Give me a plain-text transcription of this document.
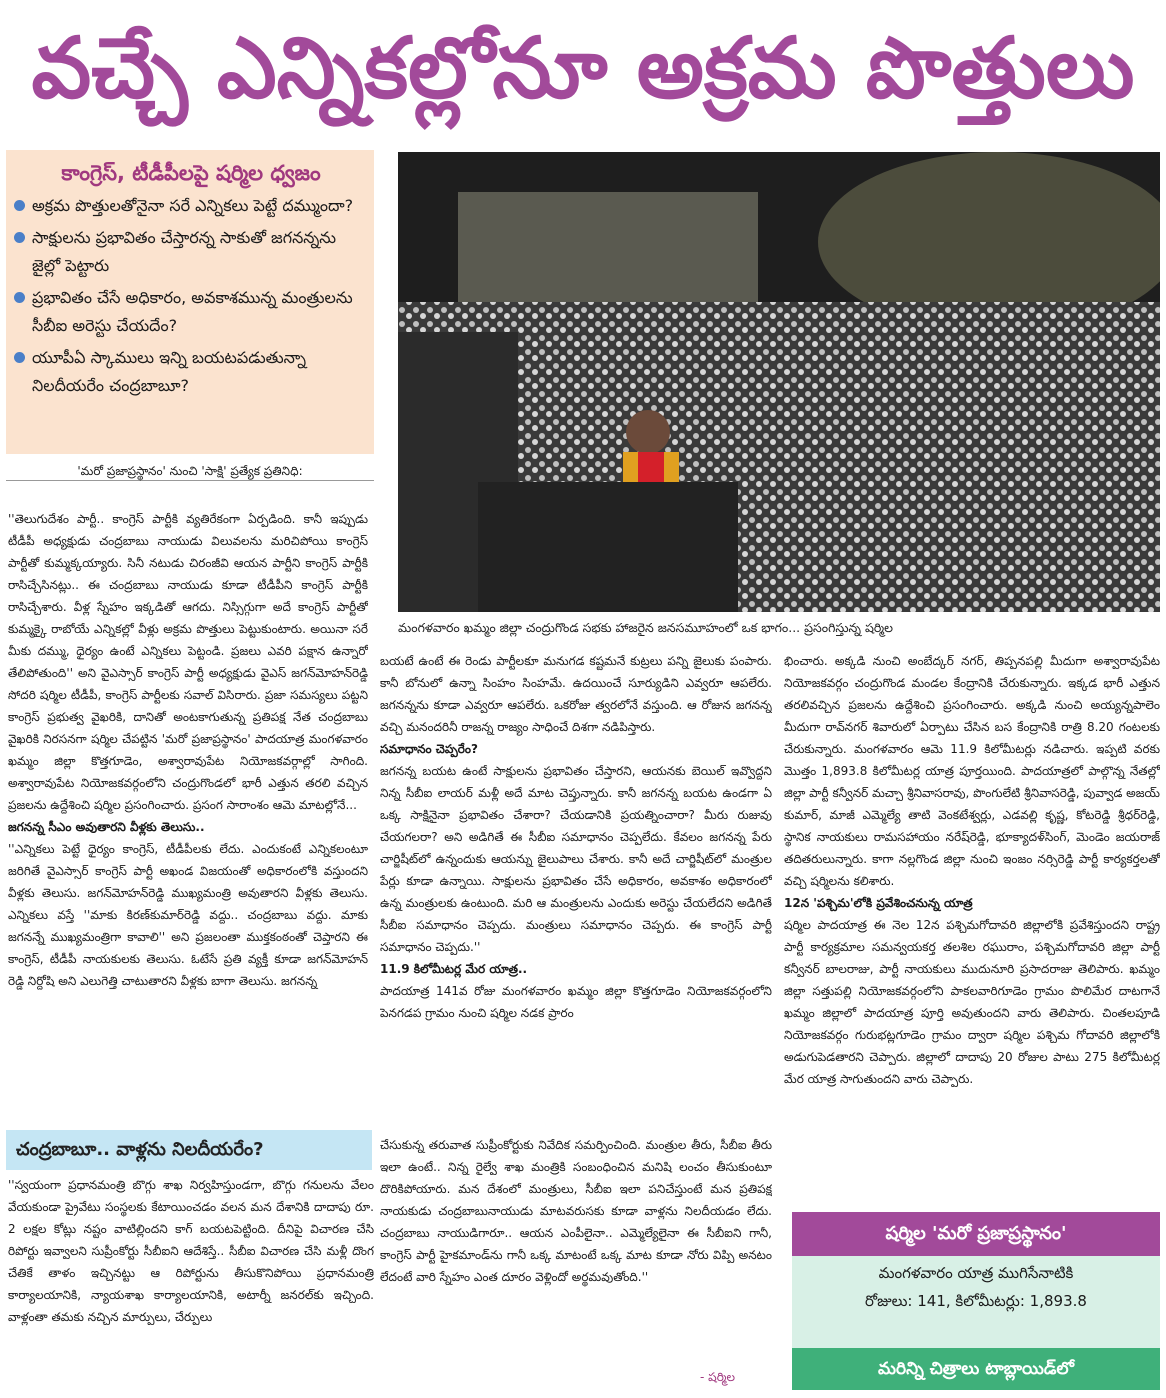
వచ్చే ఎన్నికల్లోనూ అక్రమ పొత్తులు
కాంగ్రెస్, టీడీపీలపై షర్మిల ధ్వజం
అక్రమ పొత్తులతోనైనా సరే ఎన్నికలు పెట్టే దమ్ముందా?
సాక్షులను ప్రభావితం చేస్తారన్న సాకుతో జగనన్నను జైల్లో పెట్టారు
ప్రభావితం చేసే అధికారం, అవకాశమున్న మంత్రులను సీబీఐ అరెస్టు చేయదేం?
యూపీఏ స్కాములు ఇన్ని బయటపడుతున్నా నిలదీయరేం చంద్రబాబూ?
'మరో ప్రజాప్రస్థానం' నుంచి 'సాక్షి' ప్రత్యేక ప్రతినిధి:
మంగళవారం ఖమ్మం జిల్లా చంద్రుగొండ సభకు హాజరైన జనసమూహంలో ఒక భాగం... ప్రసంగిస్తున్న షర్మిల

''తెలుగుదేశం పార్టీ.. కాంగ్రెస్ పార్టీకి వ్యతిరేకంగా ఏర్పడింది. కానీ ఇప్పుడు టీడీపీ అధ్యక్షుడు చంద్రబాబు నాయుడు విలువలను మరిచిపోయి కాంగ్రెస్ పార్టీతో కుమ్మక్కయ్యారు. సినీ నటుడు చిరంజీవి ఆయన పార్టీని కాంగ్రెస్ పార్టీకి రాసిచ్చేసినట్లు.. ఈ చంద్రబాబు నాయుడు కూడా టీడీపీని కాంగ్రెస్ పార్టీకి రాసిచ్చేశారు. వీళ్ల స్నేహం ఇక్కడితో ఆగదు. నిస్సిగ్గుగా అదే కాంగ్రెస్ పార్టీతో కుమ్మక్కై రాబోయే ఎన్నికల్లో వీళ్లు అక్రమ పొత్తులు పెట్టుకుంటారు. అయినా సరే మీకు దమ్ము, ధైర్యం ఉంటే ఎన్నికలు పెట్టండి. ప్రజలు ఎవరి పక్షాన ఉన్నారో తేలిపోతుంది'' అని వైఎస్సార్ కాంగ్రెస్ పార్టీ అధ్యక్షుడు వైఎస్ జగన్‌మోహన్‌రెడ్డి సోదరి షర్మిల టీడీపీ, కాంగ్రెస్ పార్టీలకు సవాల్ విసిరారు. ప్రజా సమస్యలు పట్టని కాంగ్రెస్ ప్రభుత్వ వైఖరికి, దానితో అంటకాగుతున్న ప్రతిపక్ష నేత చంద్రబాబు వైఖరికి నిరసనగా షర్మిల చేపట్టిన 'మరో ప్రజాప్రస్థానం' పాదయాత్ర మంగళవారం ఖమ్మం జిల్లా కొత్తగూడెం, అశ్వారావుపేట నియోజకవర్గాల్లో సాగింది. అశ్వారావుపేట నియోజకవర్గంలోని చంద్రుగొండలో భారీ ఎత్తున తరలి వచ్చిన ప్రజలను ఉద్దేశించి షర్మిల ప్రసంగించారు. ప్రసంగ సారాంశం ఆమె మాటల్లోనే...

జగనన్న సీఎం అవుతారని వీళ్లకు తెలుసు..

''ఎన్నికలు పెట్టే ధైర్యం కాంగ్రెస్, టీడీపీలకు లేదు. ఎందుకంటే ఎన్నికలంటూ జరిగితే వైఎస్సార్ కాంగ్రెస్ పార్టీ అఖండ విజయంతో అధికారంలోకి వస్తుందని వీళ్లకు తెలుసు. జగన్‌మోహన్‌రెడ్డి ముఖ్యమంత్రి అవుతారని వీళ్లకు తెలుసు. ఎన్నికలు వస్తే ''మాకు కిరణ్‌కుమార్‌రెడ్డి వద్దు.. చంద్రబాబు వద్దు. మాకు జగనన్నే ముఖ్యమంత్రిగా కావాలి'' అని ప్రజలంతా ముక్తకంఠంతో చెప్తారని ఈ కాంగ్రెస్, టీడీపీ నాయకులకు తెలుసు. ఓటేసే ప్రతి వ్యక్తీ కూడా జగన్‌మోహన్ రెడ్డి నిర్దోషి అని ఎలుగెత్తి చాటుతారని వీళ్లకు బాగా తెలుసు. జగనన్న

బయటే ఉంటే ఈ రెండు పార్టీలకూ మనుగడ కష్టమనే కుట్రలు పన్ని జైలుకు పంపారు. కానీ బోనులో ఉన్నా సింహం సింహమే. ఉదయించే సూర్యుడిని ఎవ్వరూ ఆపలేరు. జగనన్నను కూడా ఎవ్వరూ ఆపలేరు. ఒకరోజు త్వరలోనే వస్తుంది. ఆ రోజున జగనన్న వచ్చి మనందరినీ రాజన్న రాజ్యం సాధించే దిశగా నడిపిస్తారు.

సమాధానం చెప్పరేం?

జగనన్న బయట ఉంటే సాక్షులను ప్రభావితం చేస్తారని, ఆయనకు బెయిల్ ఇవ్వొద్దని నిన్న సీబీఐ లాయర్ మళ్లీ అదే మాట చెప్తున్నారు. కానీ జగనన్న బయట ఉండగా ఏ ఒక్క సాక్షినైనా ప్రభావితం చేశారా? చేయడానికి ప్రయత్నించారా? మీరు రుజువు చేయగలరా? అని అడిగితే ఈ సీబీఐ సమాధానం చెప్పలేదు. కేవలం జగనన్న పేరు చార్జిషీట్‌లో ఉన్నందుకు ఆయన్ను జైలుపాలు చేశారు. కానీ అదే చార్జిషీట్‌లో మంత్రుల పేర్లు కూడా ఉన్నాయి. సాక్షులను ప్రభావితం చేసే అధికారం, అవకాశం అధికారంలో ఉన్న మంత్రులకు ఉంటుంది. మరి ఆ మంత్రులను ఎందుకు అరెస్టు చేయలేదని అడిగితే సీబీఐ సమాధానం చెప్పదు. మంత్రులు సమాధానం చెప్పరు. ఈ కాంగ్రెస్ పార్టీ సమాధానం చెప్పదు.''

11.9 కిలోమీటర్ల మేర యాత్ర..

పాదయాత్ర 141వ రోజు మంగళవారం ఖమ్మం జిల్లా కొత్తగూడెం నియోజకవర్గంలోని పెనగడప గ్రామం నుంచి షర్మిల నడక ప్రారం

భించారు. అక్కడి నుంచి అంబేద్కర్ నగర్, తిప్పనపల్లి మీదుగా అశ్వారావుపేట నియోజకవర్గం చంద్రుగొండ మండల కేంద్రానికి చేరుకున్నారు. ఇక్కడ భారీ ఎత్తున తరలివచ్చిన ప్రజలను ఉద్దేశించి ప్రసంగించారు. అక్కడి నుంచి అయ్యన్నపాలెం మీదుగా రావ్‌నగర్ శివారులో ఏర్పాటు చేసిన బస కేంద్రానికి రాత్రి 8.20 గంటలకు చేరుకున్నారు. మంగళవారం ఆమె 11.9 కిలోమీటర్లు నడిచారు. ఇప్పటి వరకు మొత్తం 1,893.8 కిలోమీటర్ల యాత్ర పూర్తయింది. పాదయాత్రలో పాల్గొన్న నేతల్లో జిల్లా పార్టీ కన్వీనర్ మచ్చా శ్రీనివాసరావు, పొంగులేటి శ్రీనివాసరెడ్డి, పువ్వాడ అజయ్ కుమార్, మాజీ ఎమ్మెల్యే తాటి వెంకటేశ్వర్లు, ఎడవల్లి కృష్ణ, కోటరెడ్డి శ్రీధర్‌రెడ్డి, స్థానిక నాయకులు రామసహాయం నరేష్‌రెడ్డి, భూక్యాదళ్‌సింగ్, మెండెం జయరాజ్ తదితరులున్నారు. కాగా నల్లగొండ జిల్లా నుంచి ఇంజం నర్సిరెడ్డి పార్టీ కార్యకర్తలతో వచ్చి షర్మిలను కలిశారు.

12న 'పశ్చిమ'లోకి ప్రవేశించనున్న యాత్ర

షర్మిల పాదయాత్ర ఈ నెల 12న పశ్చిమగోదావరి జిల్లాలోకి ప్రవేశిస్తుందని రాష్ట్ర పార్టీ కార్యక్రమాల సమన్వయకర్త తలశిల రఘురాం, పశ్చిమగోదావరి జిల్లా పార్టీ కన్వీనర్ బాలరాజు, పార్టీ నాయకులు ముదునూరి ప్రసాదరాజు తెలిపారు. ఖమ్మం జిల్లా సత్తుపల్లి నియోజకవర్గంలోని పాకలవారిగూడెం గ్రామం పొలిమేర దాటగానే ఖమ్మం జిల్లాలో పాదయాత్ర పూర్తి అవుతుందని వారు తెలిపారు. చింతలపూడి నియోజకవర్గం గురుభట్లగూడెం గ్రామం ద్వారా షర్మిల పశ్చిమ గోదావరి జిల్లాలోకి అడుగుపెడతారని చెప్పారు. జిల్లాలో దాదాపు 20 రోజుల పాటు 275 కిలోమీటర్ల మేర యాత్ర సాగుతుందని వారు చెప్పారు.

చంద్రబాబూ.. వాళ్లను నిలదీయరేం?
''స్వయంగా ప్రధానమంత్రి బొగ్గు శాఖ నిర్వహిస్తుండగా, బొగ్గు గనులను వేలం వేయకుండా ప్రైవేటు సంస్థలకు కేటాయించడం వలన మన దేశానికి దాదాపు రూ. 2 లక్షల కోట్లు నష్టం వాటిల్లిందని కాగ్ బయటపెట్టింది. దీనిపై విచారణ చేసి రిపోర్టు ఇవ్వాలని సుప్రీంకోర్టు సీబీఐని ఆదేశిస్తే.. సీబీఐ విచారణ చేసి మళ్లీ దొంగ చేతికే తాళం ఇచ్చినట్టు ఆ రిపోర్టును తీసుకొనిపోయి ప్రధానమంత్రి కార్యాలయానికి, న్యాయశాఖ కార్యాలయానికి, అటార్నీ జనరల్‌కు ఇచ్చింది. వాళ్లంతా తమకు నచ్చిన మార్పులు, చేర్పులు
చేసుకున్న తరువాత సుప్రీంకోర్టుకు నివేదిక సమర్పించింది. మంత్రుల తీరు, సీబీఐ తీరు ఇలా ఉంటే.. నిన్న రైల్వే శాఖ మంత్రికి సంబంధించిన మనిషి లంచం తీసుకుంటూ దొరికిపోయారు. మన దేశంలో మంత్రులు, సీబీఐ ఇలా పనిచేస్తుంటే మన ప్రతిపక్ష నాయకుడు చంద్రబాబునాయుడు మాటవరుసకు కూడా వాళ్లను నిలదీయడం లేదు. చంద్రబాబు నాయుడిగారూ.. ఆయన ఎంపీలైనా.. ఎమ్మెల్యేలైనా ఈ సీబీఐని గానీ, కాంగ్రెస్ పార్టీ హైకమాండ్‌ను గానీ ఒక్క మాటంటే ఒక్క మాట కూడా నోరు విప్పి అనటం లేదంటే వారి స్నేహం ఎంత దూరం వెళ్లిందో అర్థమవుతోంది.''
- షర్మిల
షర్మిల 'మరో ప్రజాప్రస్థానం'
మంగళవారం యాత్ర ముగిసేనాటికి
రోజులు: 141, కిలోమీటర్లు: 1,893.8
మరిన్ని చిత్రాలు టాబ్లాయిడ్‌లో
